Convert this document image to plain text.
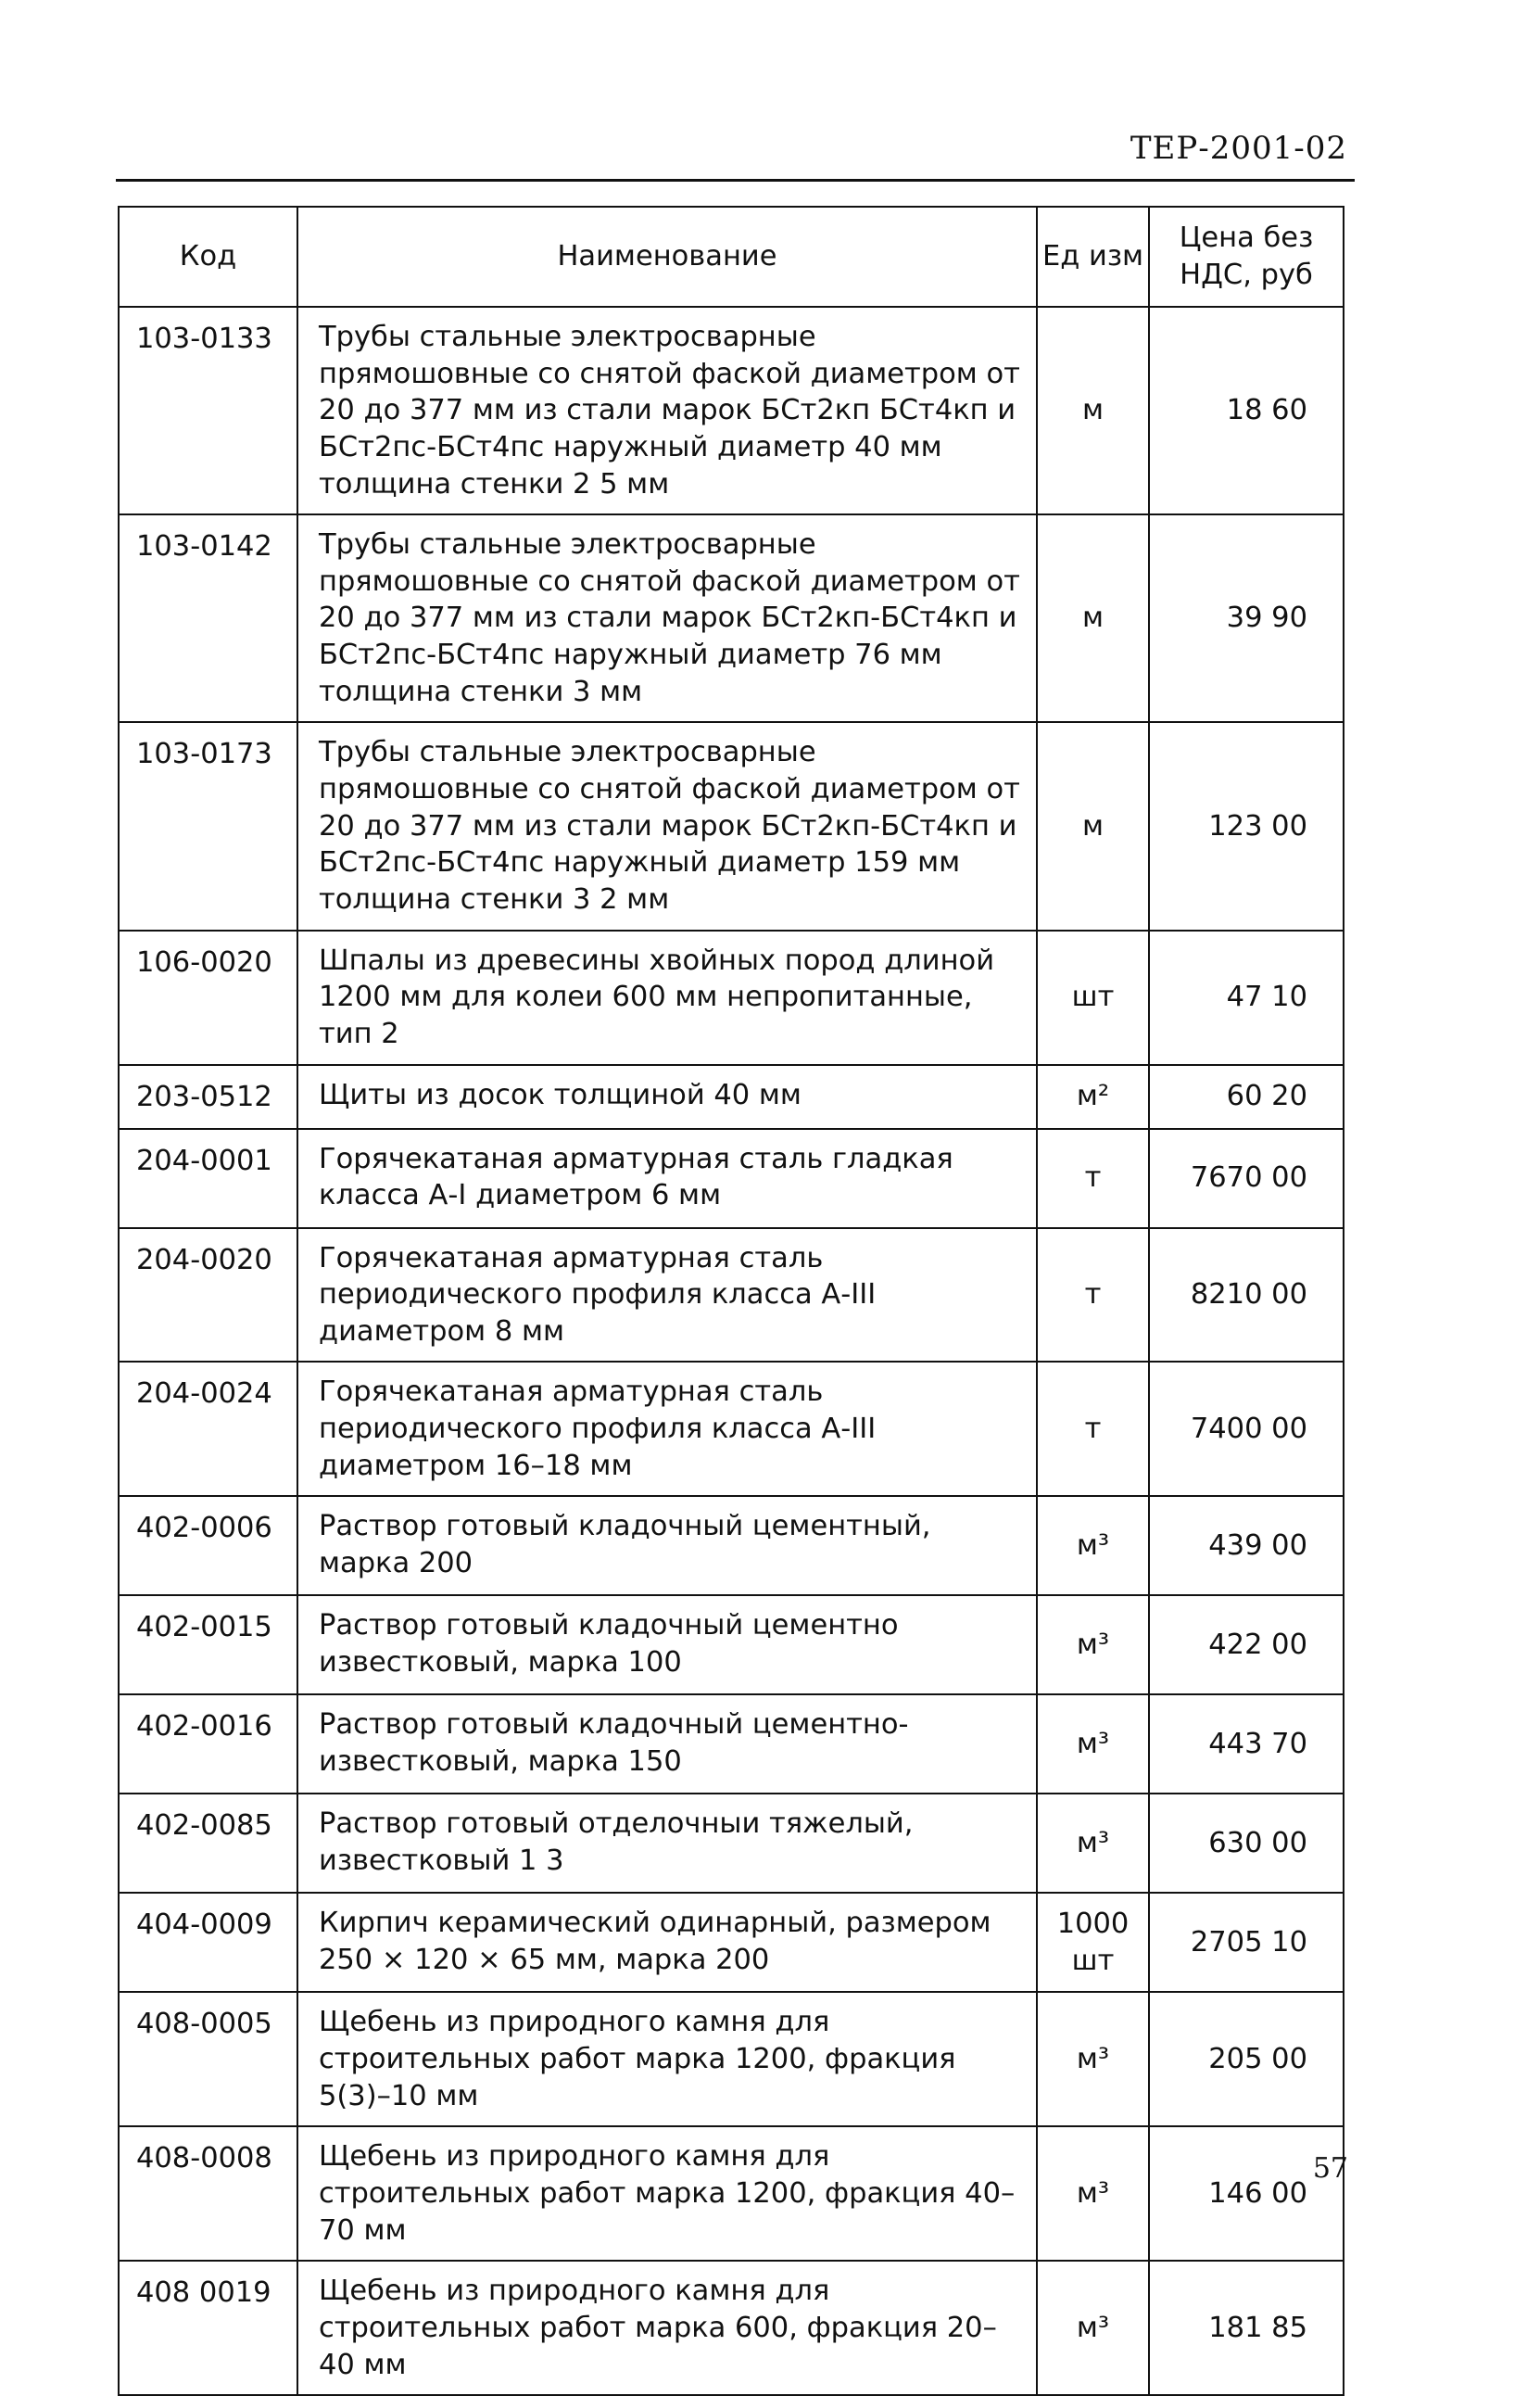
ТЕР-2001-02
Код	Наименование	Ед изм	Цена без НДС, руб
103-0133	Трубы стальные электросварные прямошовные со снятой фаской диаметром от 20 до 377 мм из стали марок БСт2кп БСт4кп и БСт2пс-БСт4пс наружный диаметр 40 мм толщина стенки 2 5 мм	м	18 60
103-0142	Трубы стальные электросварные прямошовные со снятой фаской диаметром от 20 до 377 мм из стали марок БСт2кп-БСт4кп и БСт2пс-БСт4пс наружный диаметр 76 мм толщина стенки 3 мм	м	39 90
103-0173	Трубы стальные электросварные прямошовные со снятой фаской диаметром от 20 до 377 мм из стали марок БСт2кп-БСт4кп и БСт2пс-БСт4пс наружный диаметр 159 мм толщина стенки 3 2 мм	м	123 00
106-0020	Шпалы из древесины хвойных пород длиной 1200 мм для колеи 600 мм непропитанные, тип 2	шт	47 10
203-0512	Щиты из досок толщиной 40 мм	м²	60 20
204-0001	Горячекатаная арматурная сталь гладкая класса А-I диаметром 6 мм	т	7670 00
204-0020	Горячекатаная арматурная сталь периодического профиля класса А-III диаметром 8 мм	т	8210 00
204-0024	Горячекатаная арматурная сталь периодического профиля класса А-III диаметром 16–18 мм	т	7400 00
402-0006	Раствор готовый кладочный цементный, марка 200	м³	439 00
402-0015	Раствор готовый кладочный цементно известковый, марка 100	м³	422 00
402-0016	Раствор готовый кладочный цементно-известковый, марка 150	м³	443 70
402-0085	Раствор готовый отделочныи тяжелый, известковый 1 3	м³	630 00
404-0009	Кирпич керамический одинарный, размером 250 × 120 × 65 мм, марка 200	1000 шт	2705 10
408-0005	Щебень из природного камня для строительных работ марка 1200, фракция 5(3)–10 мм	м³	205 00
408-0008	Щебень из природного камня для строительных работ марка 1200, фракция 40–70 мм	м³	146 00
408 0019	Щебень из природного камня для строительных работ марка 600, фракция 20–40 мм	м³	181 85
57
